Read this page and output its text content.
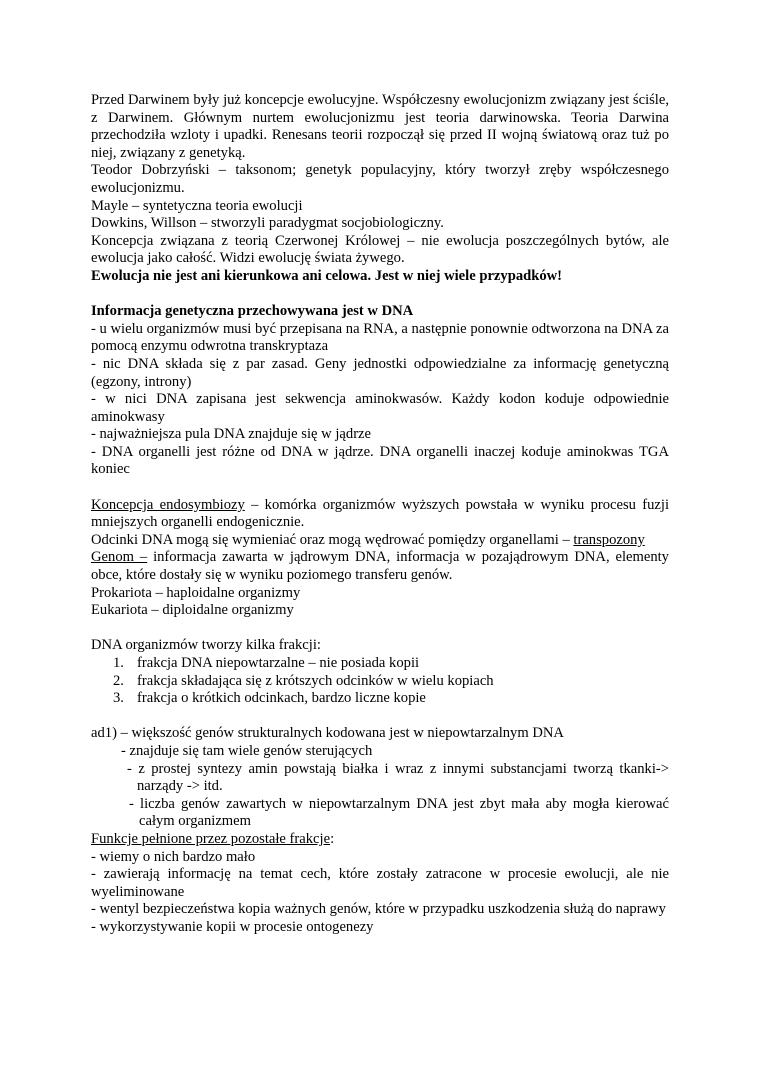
Przed Darwinem były już koncepcje ewolucyjne. Współczesny ewolucjonizm związany jest ściśle, z Darwinem. Głównym nurtem ewolucjonizmu jest teoria darwinowska. Teoria Darwina przechodziła wzloty i upadki. Renesans teorii rozpoczął się przed II wojną światową oraz tuż po niej, związany z genetyką.

Teodor Dobrzyński – taksonom; genetyk populacyjny, który tworzył zręby współczesnego ewolucjonizmu.

Mayle – syntetyczna teoria ewolucji

Dowkins, Willson – stworzyli paradygmat socjobiologiczny.

Koncepcja związana z teorią Czerwonej Królowej – nie ewolucja poszczególnych bytów, ale ewolucja jako całość. Widzi ewolucję świata żywego.

Ewolucja nie jest ani kierunkowa ani celowa. Jest w niej wiele przypadków!

Informacja genetyczna przechowywana jest w DNA

- u wielu organizmów musi być przepisana na RNA, a następnie ponownie odtworzona na DNA za pomocą enzymu odwrotna transkryptaza

- nic DNA składa się z par zasad. Geny jednostki odpowiedzialne za informację genetyczną (egzony, introny)

- w nici DNA zapisana jest sekwencja aminokwasów. Każdy kodon koduje odpowiednie aminokwasy

- najważniejsza pula DNA znajduje się w jądrze

- DNA organelli jest różne od DNA w jądrze. DNA organelli inaczej koduje aminokwas TGA koniec

Koncepcja endosymbiozy – komórka organizmów wyższych powstała w wyniku procesu fuzji mniejszych organelli endogenicznie.

Odcinki DNA mogą się wymieniać oraz mogą wędrować pomiędzy organellami – transpozony

Genom – informacja zawarta w jądrowym DNA, informacja w pozajądrowym DNA, elementy obce, które dostały się w wyniku poziomego transferu genów.

Prokariota – haploidalne organizmy

Eukariota – diploidalne organizmy

DNA organizmów tworzy kilka frakcji:

1. frakcja DNA niepowtarzalne – nie posiada kopii
2. frakcja składająca się z krótszych odcinków w wielu kopiach
3. frakcja o krótkich odcinkach, bardzo liczne kopie

ad1) – większość genów strukturalnych kodowana jest w niepowtarzalnym DNA

- znajduje się tam wiele genów sterujących

- z prostej syntezy amin powstają białka i wraz z innymi substancjami tworzą tkanki-> narządy -> itd.

- liczba genów zawartych w niepowtarzalnym DNA jest zbyt mała aby mogła kierować całym organizmem

Funkcje pełnione przez pozostałe frakcje:

- wiemy o nich bardzo mało

- zawierają informację na temat cech, które zostały zatracone w procesie ewolucji, ale nie wyeliminowane

- wentyl bezpieczeństwa kopia ważnych genów, które w przypadku uszkodzenia służą do naprawy

- wykorzystywanie kopii w procesie ontogenezy
